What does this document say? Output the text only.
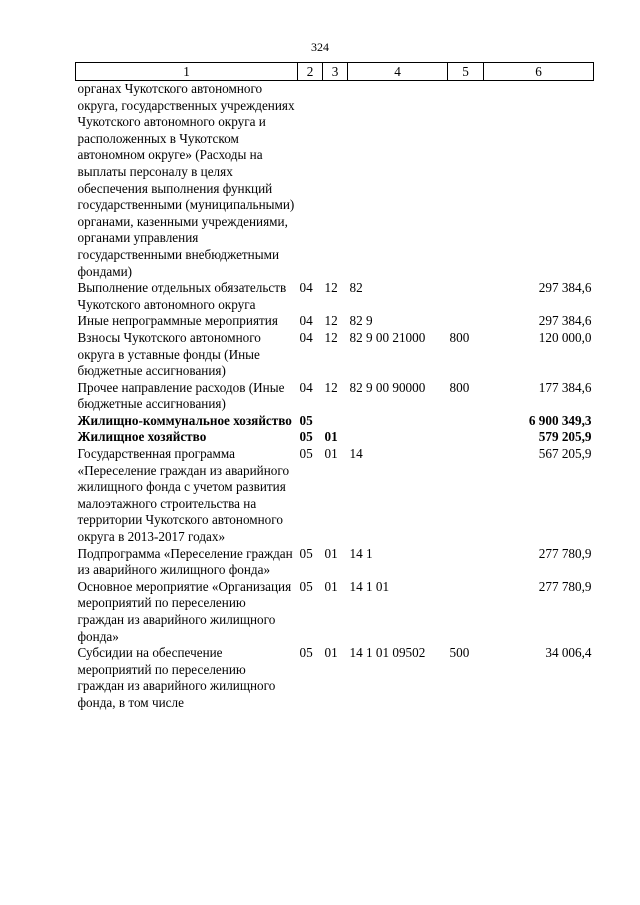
324
1	2	3	4	5	6
органах Чукотского автономного округа, государственных учреждениях Чукотского автономного округа и расположенных в Чукотском автономном округе» (Расходы на выплаты персоналу в целях обеспечения выполнения функций государственными (муниципальными) органами, казенными учреждениями, органами управления государственными внебюджетными фондами)					
Выполнение отдельных обязательств Чукотского автономного округа	04	12	82		297 384,6
Иные непрограммные мероприятия	04	12	82 9		297 384,6
Взносы Чукотского автономного округа в уставные фонды (Иные бюджетные ассигнования)	04	12	82 9 00 21000	800	120 000,0
Прочее направление расходов (Иные бюджетные ассигнования)	04	12	82 9 00 90000	800	177 384,6
Жилищно-коммунальное хозяйство	05				6 900 349,3
Жилищное хозяйство	05	01			579 205,9
Государственная программа «Переселение граждан из аварийного жилищного фонда с учетом развития малоэтажного строительства на территории Чукотского автономного округа в 2013-2017 годах»	05	01	14		567 205,9
Подпрограмма «Переселение граждан из аварийного жилищного фонда»	05	01	14 1		277 780,9
Основное мероприятие «Организация мероприятий по переселению граждан из аварийного жилищного фонда»	05	01	14 1 01		277 780,9
Субсидии на обеспечение мероприятий по переселению граждан из аварийного жилищного фонда, в том числе	05	01	14 1 01 09502	500	34 006,4
